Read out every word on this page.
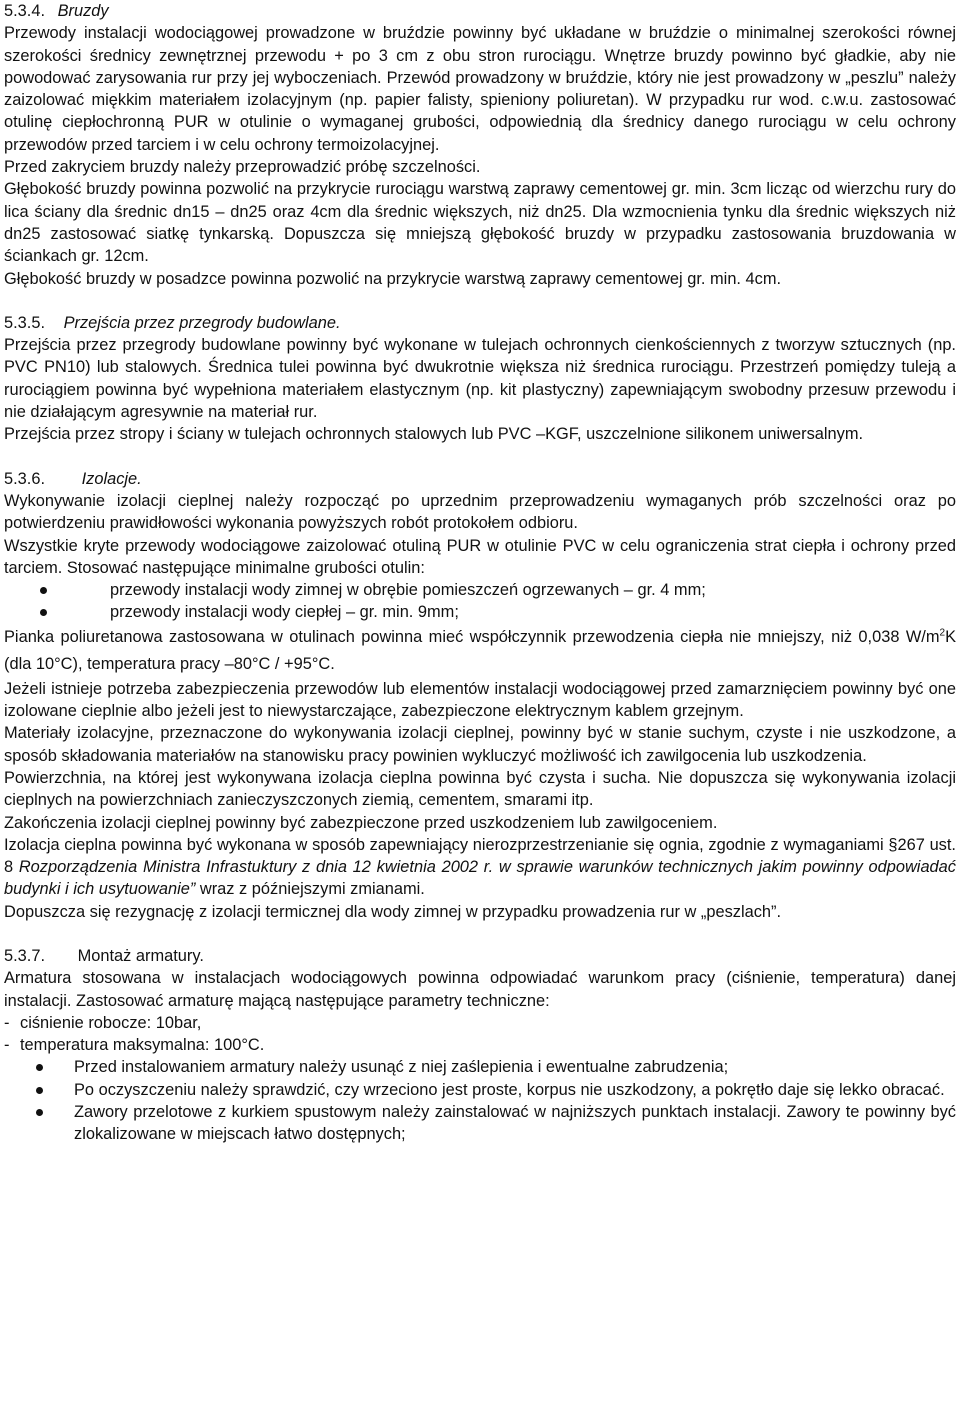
5.3.4. Bruzdy

Przewody instalacji wodociągowej prowadzone w bruździe powinny być układane w bruździe o minimalnej szerokości równej szerokości średnicy zewnętrznej przewodu + po 3 cm z obu stron rurociągu. Wnętrze bruzdy powinno być gładkie, aby nie powodować zarysowania rur przy jej wyboczeniach. Przewód prowadzony w bruździe, który nie jest prowadzony w „peszlu” należy zaizolować miękkim materiałem izolacyjnym (np. papier falisty, spieniony poliuretan). W przypadku rur wod. c.w.u. zastosować otulinę ciepłochronną PUR w otulinie o wymaganej grubości, odpowiednią dla średnicy danego rurociągu w celu ochrony przewodów przed tarciem i w celu ochrony termoizolacyjnej.

Przed zakryciem bruzdy należy przeprowadzić próbę szczelności.

Głębokość bruzdy powinna pozwolić na przykrycie rurociągu warstwą zaprawy cementowej gr. min. 3cm licząc od wierzchu rury do lica ściany dla średnic dn15 – dn25 oraz 4cm dla średnic większych, niż dn25. Dla wzmocnienia tynku dla średnic większych niż dn25 zastosować siatkę tynkarską. Dopuszcza się mniejszą głębokość bruzdy w przypadku zastosowania bruzdowania w ściankach gr. 12cm.

Głębokość bruzdy w posadzce powinna pozwolić na przykrycie warstwą zaprawy cementowej gr. min. 4cm.

5.3.5. Przejścia przez przegrody budowlane.

Przejścia przez przegrody budowlane powinny być wykonane w tulejach ochronnych cienkościennych z tworzyw sztucznych (np. PVC PN10) lub stalowych. Średnica tulei powinna być dwukrotnie większa niż średnica rurociągu. Przestrzeń pomiędzy tuleją a rurociągiem powinna być wypełniona materiałem elastycznym (np. kit plastyczny) zapewniającym swobodny przesuw przewodu i nie działającym agresywnie na materiał rur.

Przejścia przez stropy i ściany w tulejach ochronnych stalowych lub PVC –KGF, uszczelnione silikonem uniwersalnym.

5.3.6. Izolacje.

Wykonywanie izolacji cieplnej należy rozpocząć po uprzednim przeprowadzeniu wymaganych prób szczelności oraz po potwierdzeniu prawidłowości wykonania powyższych robót protokołem odbioru.

Wszystkie kryte przewody wodociągowe zaizolować otuliną PUR w otulinie PVC w celu ograniczenia strat ciepła i ochrony przed tarciem. Stosować następujące minimalne grubości otulin:

przewody instalacji wody zimnej w obrębie pomieszczeń ogrzewanych – gr. 4 mm;
przewody instalacji wody ciepłej – gr. min. 9mm;

Pianka poliuretanowa zastosowana w otulinach powinna mieć współczynnik przewodzenia ciepła nie mniejszy, niż 0,038 $W/m^2K$ (dla 10°C), temperatura pracy –80°C / +95°C.

Jeżeli istnieje potrzeba zabezpieczenia przewodów lub elementów instalacji wodociągowej przed zamarznięciem powinny być one izolowane cieplnie albo jeżeli jest to niewystarczające, zabezpieczone elektrycznym kablem grzejnym.

Materiały izolacyjne, przeznaczone do wykonywania izolacji cieplnej, powinny być w stanie suchym, czyste i nie uszkodzone, a sposób składowania materiałów na stanowisku pracy powinien wykluczyć możliwość ich zawilgocenia lub uszkodzenia.

Powierzchnia, na której jest wykonywana izolacja cieplna powinna być czysta i sucha. Nie dopuszcza się wykonywania izolacji cieplnych na powierzchniach zanieczyszczonych ziemią, cementem, smarami itp.

Zakończenia izolacji cieplnej powinny być zabezpieczone przed uszkodzeniem lub zawilgoceniem.

Izolacja cieplna powinna być wykonana w sposób zapewniający nierozprzestrzenianie się ognia, zgodnie z wymaganiami §267 ust. 8 Rozporządzenia Ministra Infrastuktury z dnia 12 kwietnia 2002 r. w sprawie warunków technicznych jakim powinny odpowiadać budynki i ich usytuowanie” wraz z późniejszymi zmianami.

Dopuszcza się rezygnację z izolacji termicznej dla wody zimnej w przypadku prowadzenia rur w „peszlach”.

5.3.7. Montaż armatury.

Armatura stosowana w instalacjach wodociągowych powinna odpowiadać warunkom pracy (ciśnienie, temperatura) danej instalacji. Zastosować armaturę mającą następujące parametry techniczne:

- ciśnienie robocze: 10bar,
- temperatura maksymalna: 100°C.
Przed instalowaniem armatury należy usunąć z niej zaślepienia i ewentualne zabrudzenia;
Po oczyszczeniu należy sprawdzić, czy wrzeciono jest proste, korpus nie uszkodzony, a pokrętło daje się lekko obracać.
Zawory przelotowe z kurkiem spustowym należy zainstalować w najniższych punktach instalacji. Zawory te powinny być zlokalizowane w miejscach łatwo dostępnych;
